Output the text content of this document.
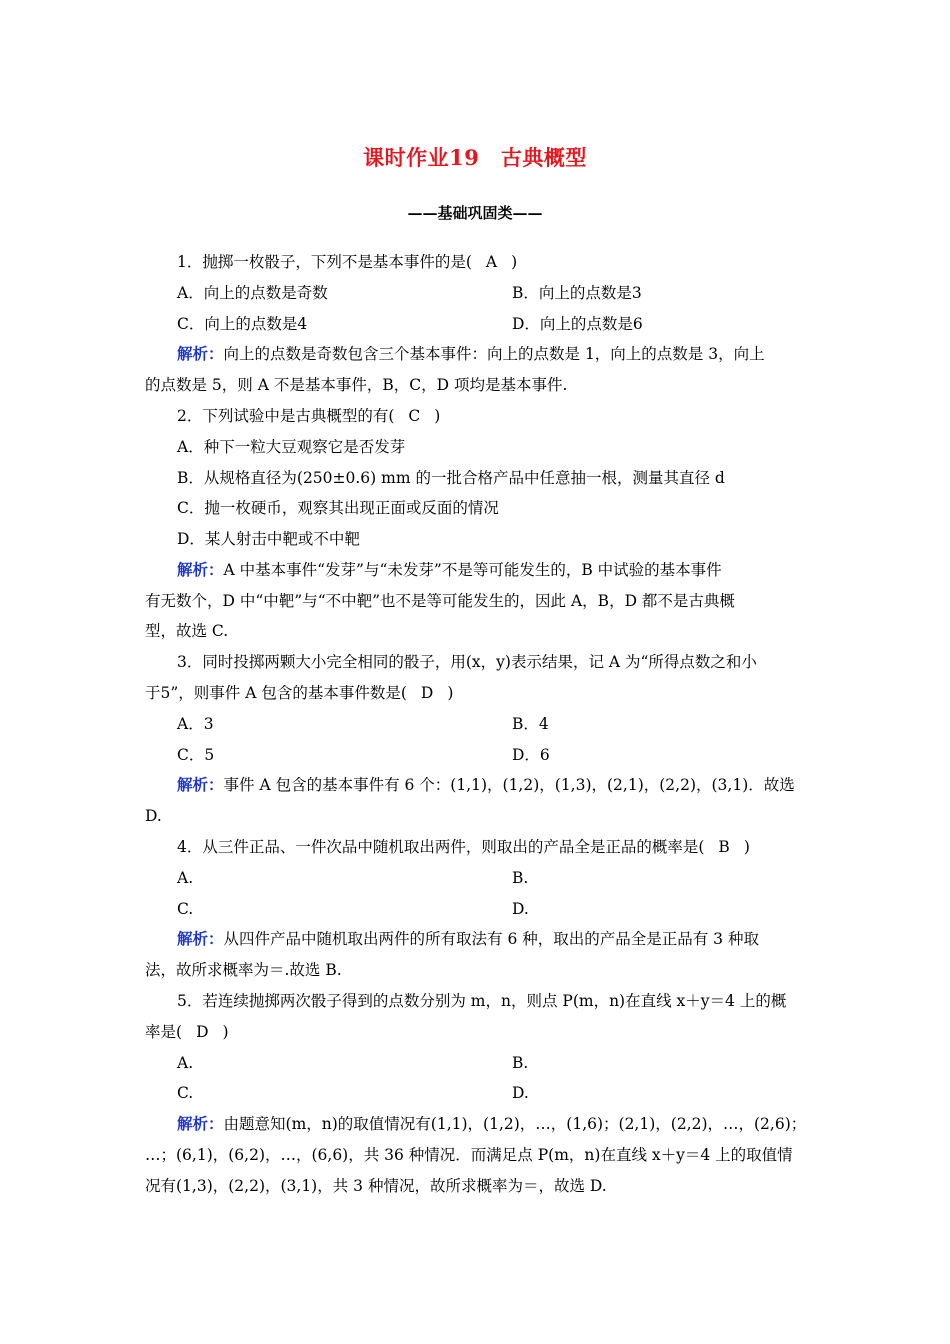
课时作业19　古典概型
——基础巩固类——
1．抛掷一枚骰子，下列不是基本事件的是( A )
A．向上的点数是奇数	B．向上的点数是3
C．向上的点数是4	D．向上的点数是6
解析：向上的点数是奇数包含三个基本事件：向上的点数是 1，向上的点数是 3，向上
的点数是 5，则 A 不是基本事件，B，C，D 项均是基本事件.
2．下列试验中是古典概型的有( C )
A．种下一粒大豆观察它是否发芽
B．从规格直径为(250±0.6) mm 的一批合格产品中任意抽一根，测量其直径 d
C．抛一枚硬币，观察其出现正面或反面的情况
D．某人射击中靶或不中靶
解析：A 中基本事件“发芽”与“未发芽”不是等可能发生的，B 中试验的基本事件
有无数个，D 中“中靶”与“不中靶”也不是等可能发生的，因此 A，B，D 都不是古典概
型，故选 C.
3．同时投掷两颗大小完全相同的骰子，用(x，y)表示结果，记 A 为“所得点数之和小
于5”，则事件 A 包含的基本事件数是( D )
A．3	B．4
C．5	D．6
解析：事件 A 包含的基本事件有 6 个：(1,1)，(1,2)，(1,3)，(2,1)，(2,2)，(3,1)．故选
D.
4．从三件正品、一件次品中随机取出两件，则取出的产品全是正品的概率是( B )
A.	B.
C.	D.
解析：从四件产品中随机取出两件的所有取法有 6 种，取出的产品全是正品有 3 种取
法，故所求概率为＝.故选 B.
5．若连续抛掷两次骰子得到的点数分别为 m，n，则点 P(m，n)在直线 x＋y＝4 上的概
率是( D )
A.	B.
C.	D.
解析：由题意知(m，n)的取值情况有(1,1)，(1,2)，…，(1,6)；(2,1)，(2,2)，…，(2,6)；
…；(6,1)，(6,2)，…，(6,6)，共 36 种情况．而满足点 P(m，n)在直线 x＋y＝4 上的取值情
况有(1,3)，(2,2)，(3,1)，共 3 种情况，故所求概率为＝，故选 D.
